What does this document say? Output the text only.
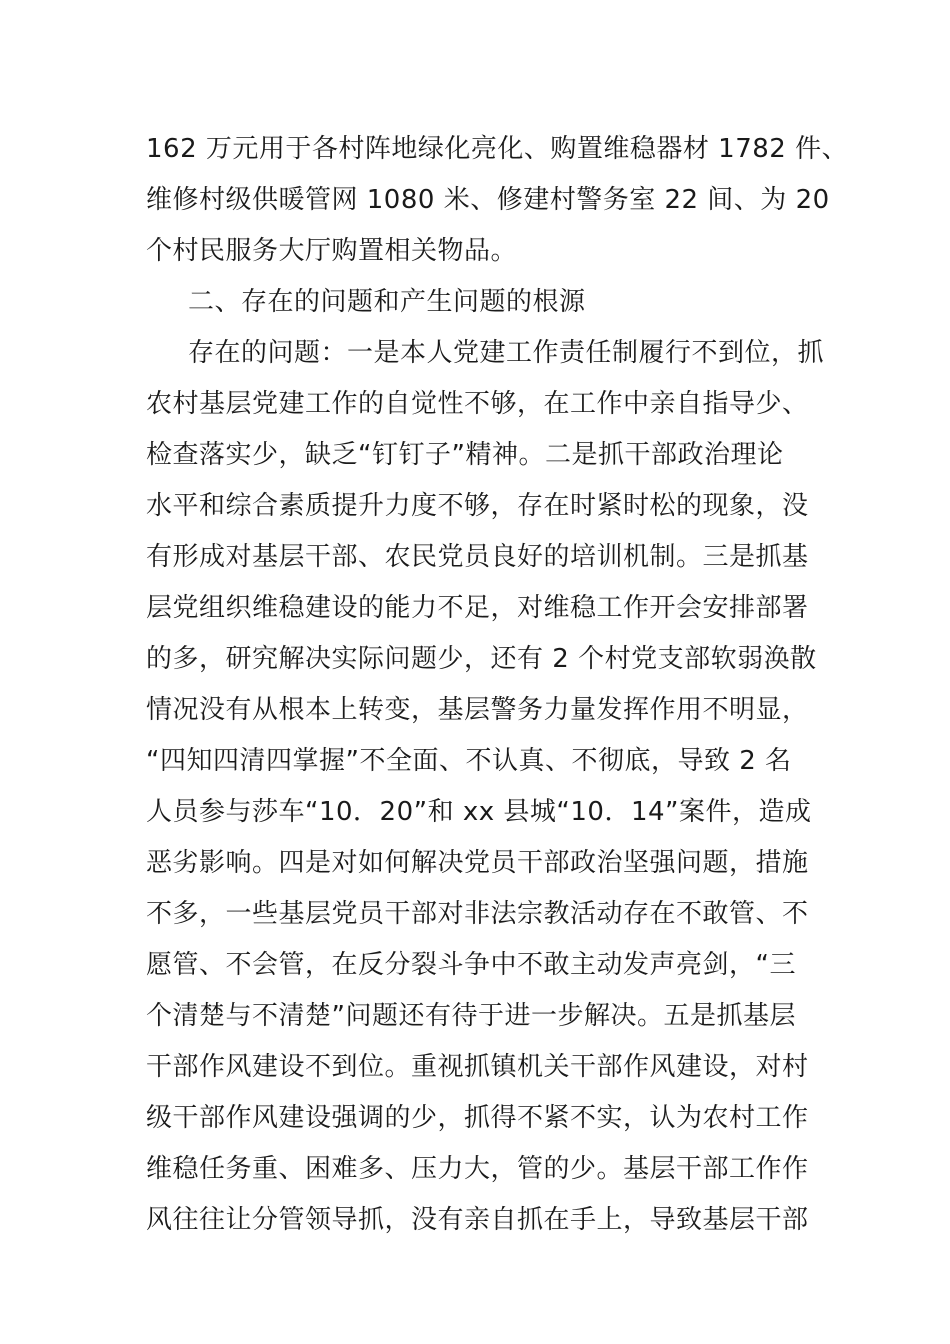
162 万元用于各村阵地绿化亮化、购置维稳器材 1782 件、
维修村级供暖管网 1080 米、修建村警务室 22 间、为 20
个村民服务大厅购置相关物品。
二、存在的问题和产生问题的根源
存在的问题：一是本人党建工作责任制履行不到位，抓
农村基层党建工作的自觉性不够，在工作中亲自指导少、
检查落实少，缺乏“钉钉子”精神。二是抓干部政治理论
水平和综合素质提升力度不够，存在时紧时松的现象，没
有形成对基层干部、农民党员良好的培训机制。三是抓基
层党组织维稳建设的能力不足，对维稳工作开会安排部署
的多，研究解决实际问题少，还有 2 个村党支部软弱涣散
情况没有从根本上转变，基层警务力量发挥作用不明显，
“四知四清四掌握”不全面、不认真、不彻底，导致 2 名
人员参与莎车“10．20”和 xx 县城“10．14”案件，造成
恶劣影响。四是对如何解决党员干部政治坚强问题，措施
不多，一些基层党员干部对非法宗教活动存在不敢管、不
愿管、不会管，在反分裂斗争中不敢主动发声亮剑，“三
个清楚与不清楚”问题还有待于进一步解决。五是抓基层
干部作风建设不到位。重视抓镇机关干部作风建设，对村
级干部作风建设强调的少，抓得不紧不实，认为农村工作
维稳任务重、困难多、压力大，管的少。基层干部工作作
风往往让分管领导抓，没有亲自抓在手上，导致基层干部
